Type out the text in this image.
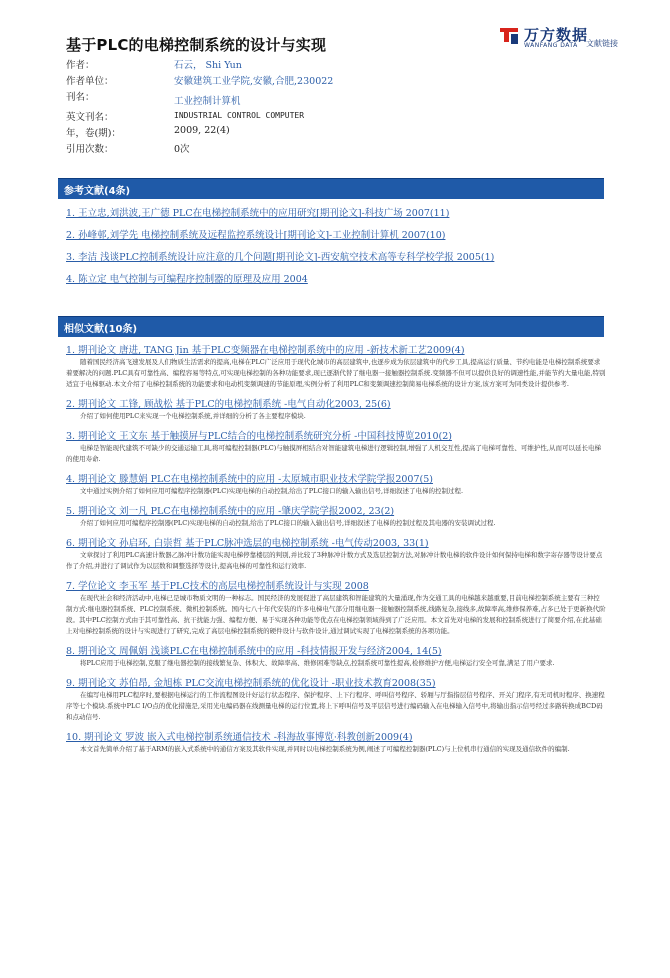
基于PLC的电梯控制系统的设计与实现
万方数据
WANFANG DATA 文献链接
作者：	石云， Shi Yun
作者单位：	安徽建筑工业学院,安徽,合肥,230022
刊名：	工业控制计算机
英文刊名：	INDUSTRIAL CONTROL COMPUTER
年，卷(期)：	2009, 22(4)
引用次数：	0次
参考文献(4条)
1. 王立忠,刘洪波,王广德 PLC在电梯控制系统中的应用研究[期刊论文]-科技广场 2007(11)
2. 孙峰邨,刘学先 电梯控制系统及远程监控系统设计[期刊论文]-工业控制计算机 2007(10)
3. 李洁 浅谈PLC控制系统设计应注意的几个问题[期刊论文]-西安航空技术高等专科学校学报 2005(1)
4. 陈立定 电气控制与可编程序控制器的原理及应用 2004
相似文献(10条)
1. 期刊论文 唐进, TANG Jin 基于PLC变频器在电梯控制系统中的应用 -新技术新工艺2009(4)
随着国民经济高飞速发展及人们物质生活需求的提高,电梯在PLC广泛应用于现代化城市的高层建筑中,也逐步成为依层建筑中的代步工具,提高运行质量、节约电能是电梯控制系统要求着要解决的问题.PLC具有可靠性高、编程容易等特点,可实现电梯控制的各种功能要求,现已逐渐代替了继电器一接触器控制系统.变频器不但可以提供良好的调速性能,并能节约大量电能,特别适宜于电梯驱动.本文介绍了电梯控制系统的功能要求和电动机变频调速的节能原理,实例分析了利用PLC和变频调速控制简易电梯系统的设计方案,该方案可为同类设计提供参考.
2. 期刊论文 工锋, 顾战松 基于PLC的电梯控制系统 -电气自动化2003, 25(6)
介绍了如何使用PLC来实现一个电梯控制系统,并详细的分析了各主要程序模块.
3. 期刊论文 王文东 基于触摸屏与PLC结合的电梯控制系统研究分析 -中国科技博览2010(2)
电梯是智能现代建筑不可缺少的交通运输工具,将可编程控制器(PLC)与触摸屏相结合对智能建筑电梯进行逻辑控制,增强了人机交互性,提高了电梯可靠性、可维护性,从而可以延长电梯的使用寿命.
4. 期刊论文 滕慧娟 PLC在电梯控制系统中的应用 -太原城市职业技术学院学报2007(5)
文中通过实例介绍了如何应用可编程序控制器(PLC)实现电梯的自动控制,给出了PLC接口的输入输出信号,详细叙述了电梯的控制过程.
5. 期刊论文 刘一凡 PLC在电梯控制系统中的应用 -肇庆学院学报2002, 23(2)
介绍了如何应用可编程序控制器(PLC)实现电梯的自动控制,给出了PLC接口的输入输出信号,详细叙述了电梯的控制过程及其电器的安装调试过程.
6. 期刊论文 孙启环, 白崇哲 基于PLC脉冲选层的电梯控制系统 -电气传动2003, 33(1)
文章探讨了利用PLC高速计数器乙脉冲计数功能实现电梯停靠楼层的判别,并比较了3种脉冲计数方式及选层控制方法,对脉冲计数电梯的软件设计如何保持电梯和数字寄存器等设计要点作了介绍,并进行了调试作为以层数和调整选择等设计,提高电梯的可靠性和运行效率.
7. 学位论文 李玉军 基于PLC技术的高层电梯控制系统设计与实现 2008
在现代社会和经济活动中,电梯已是城市物质文明的一种标志。国民经济的发展促进了高层建筑和智能建筑的大量涌现,作为交通工具的电梯越来越重要,目前电梯控制系统主要有三种控制方式:继电器控制系统、PLC控制系统、微机控制系统。国内七八十年代安装的许多电梯电气部分用继电器一接触器控制系统,线路复杂,接线多,故障率高,维修保养难,占多已处于更新换代阶段。其中PLC控制方式由于其可靠性高、抗干扰能力强、编程方便、易于实现各种功能等优点在电梯控制领域得到了广泛应用。本文首先对电梯的发展和控制系统进行了简要介绍,在此基础上对电梯控制系统的设计与实现进行了研究,完成了高层电梯控制系统的硬件设计与软件设计,通过调试实现了电梯控制系统的各项功能。
8. 期刊论文 周佩娟 浅谈PLC在电梯控制系统中的应用 -科技情报开发与经济2004, 14(5)
将PLC应用于电梯控制,克服了继电器控制的接线繁复杂、体积大、故障率高、维修困难等缺点,控制系统可靠性提高,检修维护方便,电梯运行安全可靠,满足了用户要求.
9. 期刊论文 苏伯昂, 金旭栋 PLC交流电梯控制系统的优化设计 -职业技术教育2008(35)
在编写电梯用PLC程序时,要根据电梯运行的工作流程图设计好运行状态程序、保护程序、上下行程序、呼叫信号程序、轿厢与厅指指层信号程序、开关门程序,有无司机时程序、换速程序等七个模块.系统中PLC I/O点的优化措施是,采用光电编码器在线测量电梯的运行位置,将上下呼叫信号及平层信号进行编码输入在电梯输入信号中,将输出指示信号经过多路转换成BCD码和点动信号.
10. 期刊论文 罗波 嵌入式电梯控制系统通信技术 -科海故事博览·科教创新2009(4)
本文首先简单介绍了基于ARM的嵌入式系统中的通信方案及其软件实现,并同时以电梯控制系统为例,阐述了可编程控制器(PLC)与上位机串行通信的实现及通信软件的编制.
